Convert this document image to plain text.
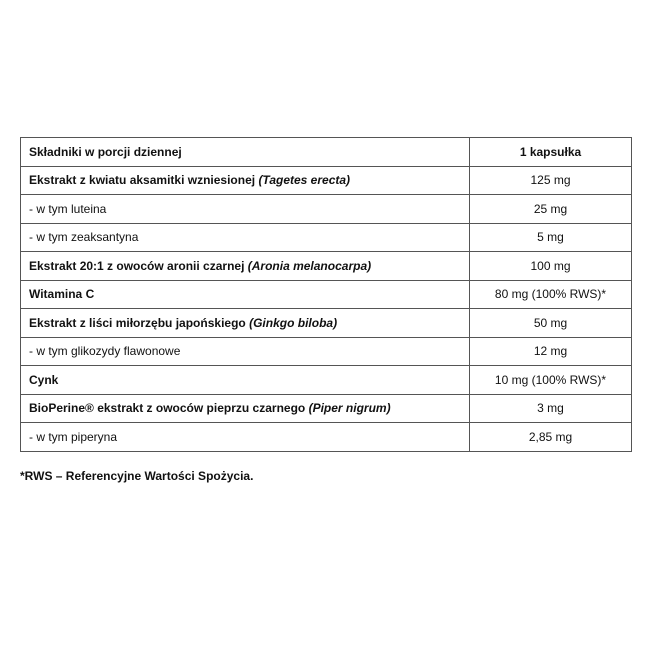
Składniki w porcji dziennej	1 kapsułka
Ekstrakt z kwiatu aksamitki wzniesionej (Tagetes erecta)	125 mg
- w tym luteina	25 mg
- w tym zeaksantyna	5 mg
Ekstrakt 20:1 z owoców aronii czarnej (Aronia melanocarpa)	100 mg
Witamina C	80 mg (100% RWS)*
Ekstrakt z liści miłorzębu japońskiego (Ginkgo biloba)	50 mg
- w tym glikozydy flawonowe	12 mg
Cynk	10 mg (100% RWS)*
BioPerine® ekstrakt z owoców pieprzu czarnego (Piper nigrum)	3 mg
- w tym piperyna	2,85 mg

*RWS – Referencyjne Wartości Spożycia.
